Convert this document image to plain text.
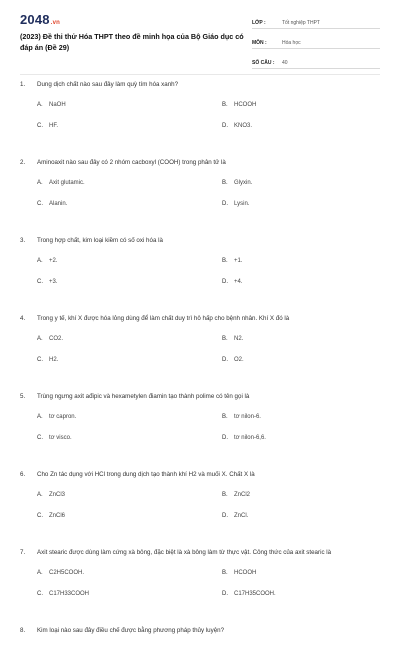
2048.vn
(2023) Đề thi thử Hóa THPT theo đề minh họa của Bộ Giáo dục có đáp án (Đề 29)
LỚP :	Tốt nghiệp THPT
MÔN :	Hóa học
SỐ CÂU :	40
1.	Dung dịch chất nào sau đây làm quỳ tím hóa xanh?
A.	NaOH	B.	HCOOH
C.	HF.	D.	KNO3.
2.	Aminoaxit nào sau đây có 2 nhóm cacboxyl (COOH) trong phân tử là
A.	Axit glutamic.	B.	Glyxin.
C.	Alanin.	D.	Lysin.
3.	Trong hợp chất, kim loại kiềm có số oxi hóa là
A.	+2.	B.	+1.
C.	+3.	D.	+4.
4.	Trong y tế, khí X được hóa lỏng dùng để làm chất duy trì hô hấp cho bệnh nhân. Khí X đó là
A.	CO2.	B.	N2.
C.	H2.	D.	O2.
5.	Trùng ngưng axit ađipic và hexametylen điamin tạo thành polime có tên gọi là
A.	tơ capron.	B.	tơ nilon-6.
C.	tơ visco.	D.	tơ nilon-6,6.
6.	Cho Zn tác dụng với HCl trong dung dịch tạo thành khí H2 và muối X. Chất X là
A.	ZnCl3	B.	ZnCl2
C.	ZnCl6	D.	ZnCl.
7.	Axit stearic được dùng làm cứng xà bông, đặc biệt là xà bông làm từ thực vật. Công thức của axit stearic là
A.	C2H5COOH.	B.	HCOOH
C.	C17H33COOH	D.	C17H35COOH.
8.	Kim loại nào sau đây điều chế được bằng phương pháp thủy luyện?
